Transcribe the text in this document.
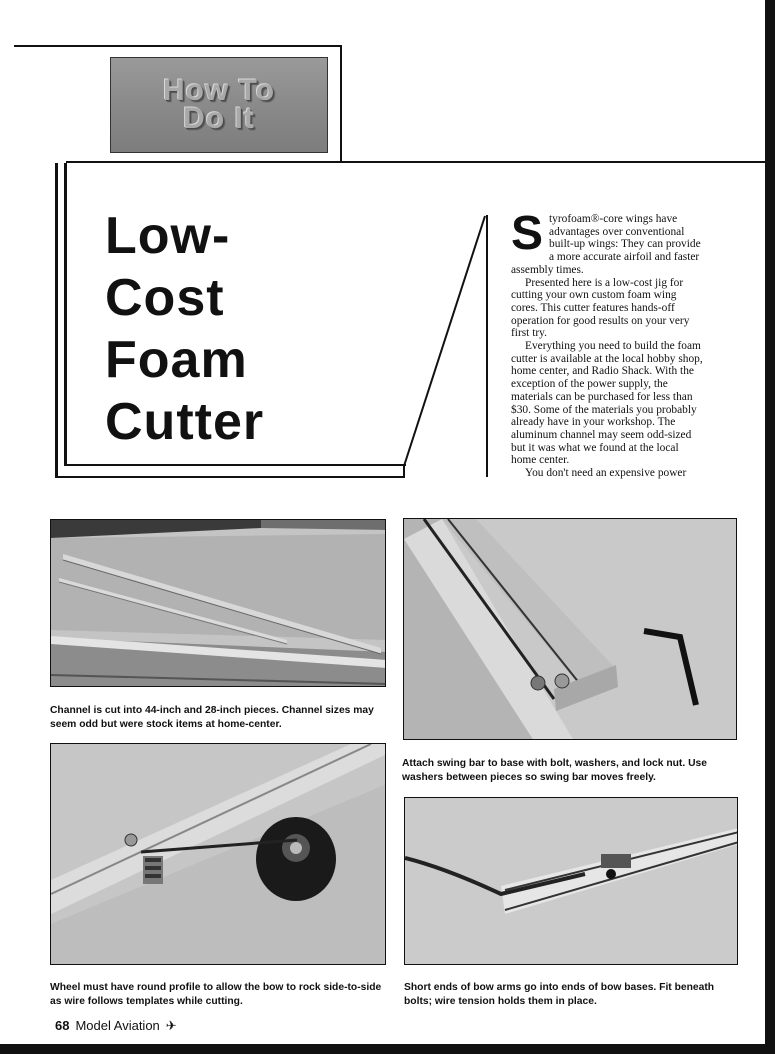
How To
Do It
Low-
Cost
Foam
Cutter

Styrofoam®-core wings have advantages over conventional built-up wings: They can provide a more accurate airfoil and faster assembly times.

Presented here is a low-cost jig for cutting your own custom foam wing cores. This cutter features hands-off operation for good results on your very first try.

Everything you need to build the foam cutter is available at the local hobby shop, home center, and Radio Shack. With the exception of the power supply, the materials can be purchased for less than $30. Some of the materials you probably already have in your workshop. The aluminum channel may seem odd-sized but it was what we found at the local home center.

You don't need an expensive power

Channel is cut into 44-inch and 28-inch pieces. Channel sizes may seem odd but were stock items at home-center.
Attach swing bar to base with bolt, washers, and lock nut. Use washers between pieces so swing bar moves freely.
Wheel must have round profile to allow the bow to rock side-to-side as wire follows templates while cutting.
Short ends of bow arms go into ends of bow bases. Fit beneath bolts; wire tension holds them in place.
68 Model Aviation ✈
